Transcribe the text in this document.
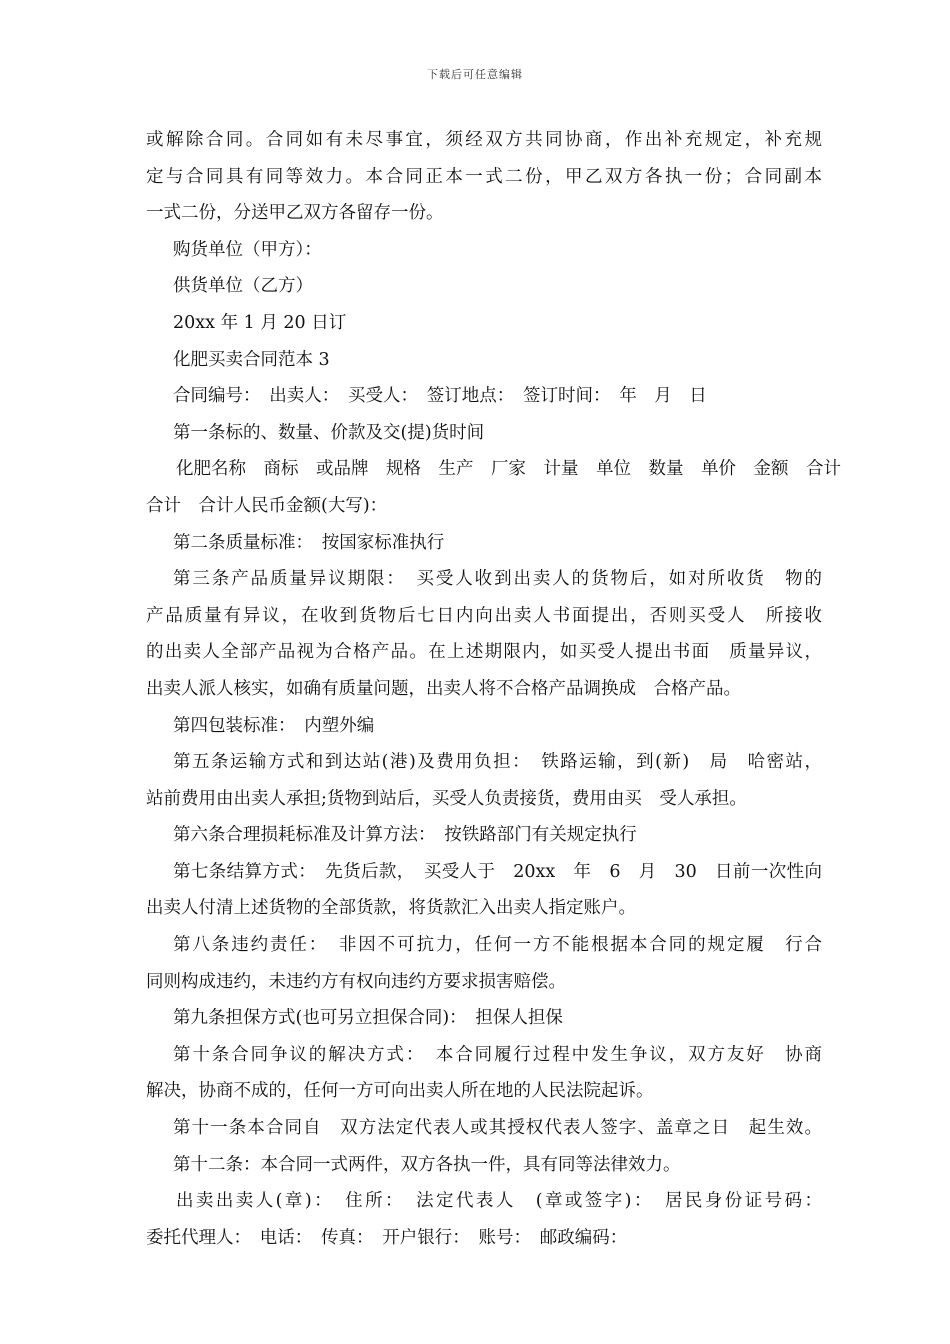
下载后可任意编辑

或解除合同。合同如有未尽事宜，须经双方共同协商，作出补充规定，补充规

定与合同具有同等效力。本合同正本一式二份，甲乙双方各执一份；合同副本

一式二份，分送甲乙双方各留存一份。

购货单位（甲方）：

供货单位（乙方）

20xx 年 1 月 20 日订

化肥买卖合同范本 3

合同编号：　出卖人：　买受人：　签订地点：　签订时间：　年　月　日

第一条标的、数量、价款及交(提)货时间

化肥名称　商标　或品牌　规格　生产　厂家　计量　单位　数量　单价　金额　合计

合计　合计人民币金额(大写)：

第二条质量标准：　按国家标准执行

第三条产品质量异议期限：　买受人收到出卖人的货物后，如对所收货　物的

产品质量有异议，在收到货物后七日内向出卖人书面提出，否则买受人　所接收

的出卖人全部产品视为合格产品。在上述期限内，如买受人提出书面　质量异议，

出卖人派人核实，如确有质量问题，出卖人将不合格产品调换成　合格产品。

第四包装标准：　内塑外编

第五条运输方式和到达站(港)及费用负担：　铁路运输，到(新)　局　哈密站，

站前费用由出卖人承担;货物到站后，买受人负责接货，费用由买　受人承担。

第六条合理损耗标准及计算方法：　按铁路部门有关规定执行

第七条结算方式：　先货后款，　买受人于　20xx　年　6　月　30　日前一次性向

出卖人付清上述货物的全部货款，将货款汇入出卖人指定账户。

第八条违约责任：　非因不可抗力，任何一方不能根据本合同的规定履　行合

同则构成违约，未违约方有权向违约方要求损害赔偿。

第九条担保方式(也可另立担保合同)：　担保人担保

第十条合同争议的解决方式：　本合同履行过程中发生争议，双方友好　协商

解决，协商不成的，任何一方可向出卖人所在地的人民法院起诉。

第十一条本合同自　双方法定代表人或其授权代表人签字、盖章之日　起生效。

第十二条：本合同一式两件，双方各执一件，具有同等法律效力。

出卖出卖人(章)：　住所：　法定代表人　(章或签字)：　居民身份证号码：

委托代理人：　电话：　传真：　开户银行：　账号：　邮政编码：
